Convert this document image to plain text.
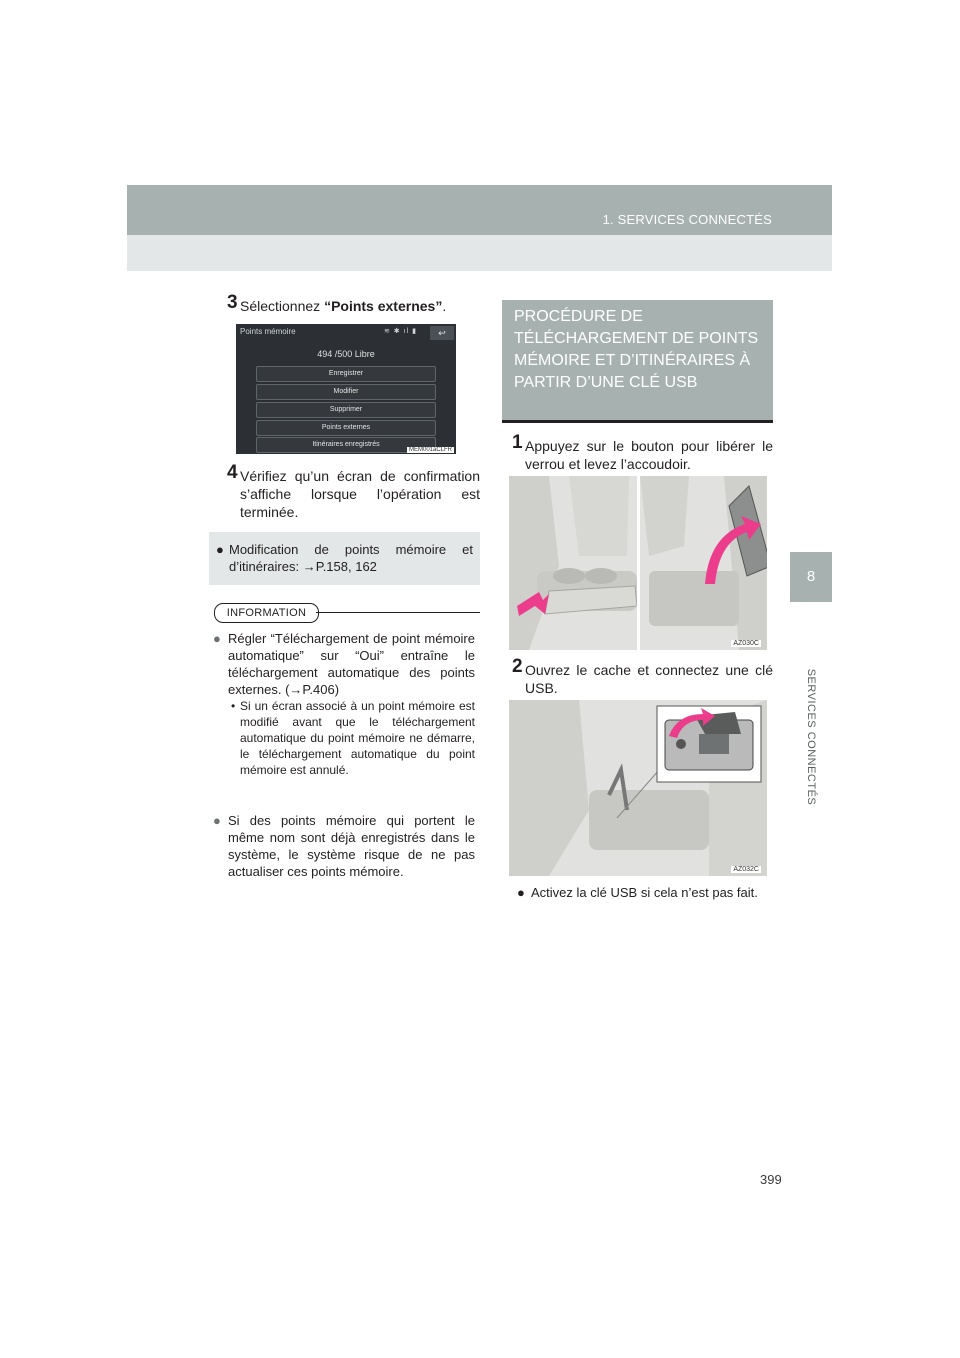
1. SERVICES CONNECTÉS
8
SERVICES CONNECTÉS
3 Sélectionnez “Points externes”.
Points mémoire	≋ ✱ ıl ▮	↩
494 /500 Libre
Enregistrer
Modifier
Supprimer
Points externes
Itinéraires enregistrés
MEM001aCLFR
4 Vérifiez qu’un écran de confirmation s’affiche lorsque l’opération est terminée.
● Modification de points mémoire et d’itinéraires: →P.158, 162
INFORMATION
● Régler “Téléchargement de point mémoire automatique” sur “Oui” entraîne le téléchargement automatique des points externes. (→P.406)
• Si un écran associé à un point mémoire est modifié avant que le téléchargement automatique du point mémoire ne démarre, le téléchargement automatique du point mémoire est annulé.
● Si des points mémoire qui portent le même nom sont déjà enregistrés dans le système, le système risque de ne pas actualiser ces points mémoire.
PROCÉDURE DE TÉLÉCHARGEMENT DE POINTS MÉMOIRE ET D’ITINÉRAIRES À PARTIR D’UNE CLÉ USB
1 Appuyez sur le bouton pour libérer le verrou et levez l’accoudoir.
AZ030C
2 Ouvrez le cache et connectez une clé USB.
AZ032C
● Activez la clé USB si cela n’est pas fait.
399
